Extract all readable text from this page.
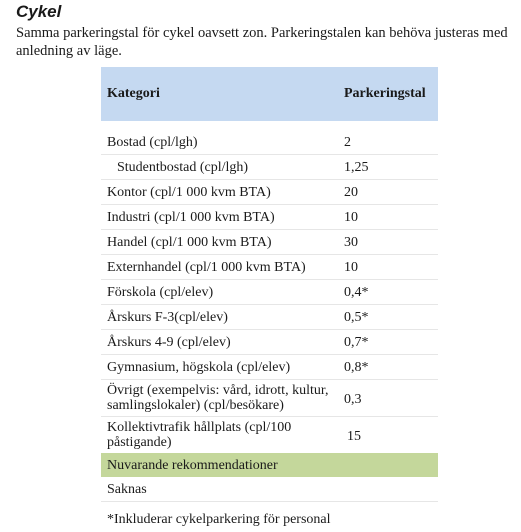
Cykel

Samma parkeringstal för cykel oavsett zon. Parkeringstalen kan behöva justeras med anledning av läge.

Kategori	Parkeringstal

Bostad (cpl/lgh)	2
Studentbostad (cpl/lgh)	1,25
Kontor (cpl/1 000 kvm BTA)	20
Industri (cpl/1 000 kvm BTA)	10
Handel (cpl/1 000 kvm BTA)	30
Externhandel (cpl/1 000 kvm BTA)	10
Förskola (cpl/elev)	0,4*
Årskurs F-3(cpl/elev)	0,5*
Årskurs 4-9 (cpl/elev)	0,7*
Gymnasium, högskola (cpl/elev)	0,8*
Övrigt (exempelvis: vård, idrott, kultur, samlingslokaler) (cpl/besökare)	0,3
Kollektivtrafik hållplats (cpl/100 påstigande)	15
Nuvarande rekommendationer	
Saknas	
*Inkluderar cykelparkering för personal	
